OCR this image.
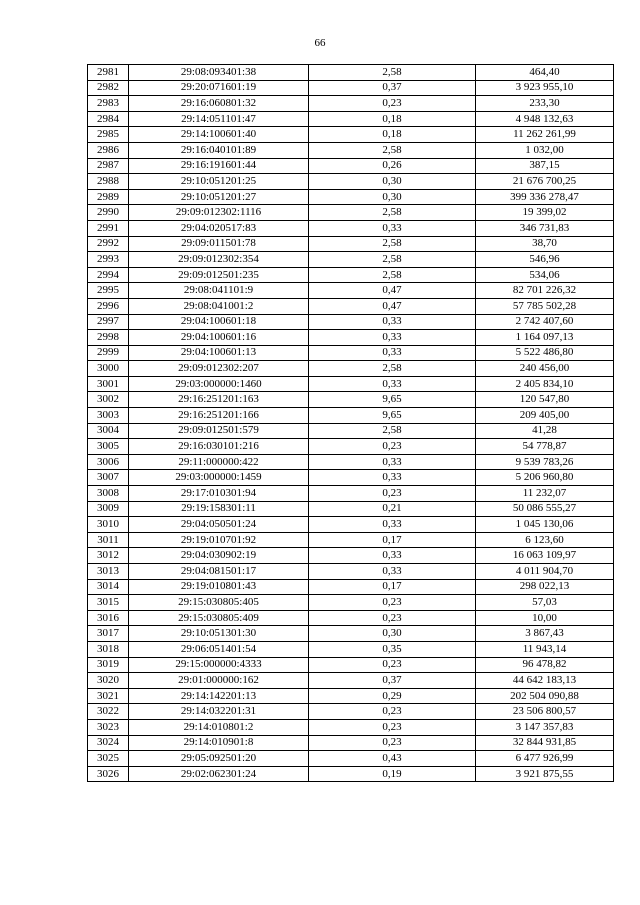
66
2981	29:08:093401:38	2,58	464,40
2982	29:20:071601:19	0,37	3 923 955,10
2983	29:16:060801:32	0,23	233,30
2984	29:14:051101:47	0,18	4 948 132,63
2985	29:14:100601:40	0,18	11 262 261,99
2986	29:16:040101:89	2,58	1 032,00
2987	29:16:191601:44	0,26	387,15
2988	29:10:051201:25	0,30	21 676 700,25
2989	29:10:051201:27	0,30	399 336 278,47
2990	29:09:012302:1116	2,58	19 399,02
2991	29:04:020517:83	0,33	346 731,83
2992	29:09:011501:78	2,58	38,70
2993	29:09:012302:354	2,58	546,96
2994	29:09:012501:235	2,58	534,06
2995	29:08:041101:9	0,47	82 701 226,32
2996	29:08:041001:2	0,47	57 785 502,28
2997	29:04:100601:18	0,33	2 742 407,60
2998	29:04:100601:16	0,33	1 164 097,13
2999	29:04:100601:13	0,33	5 522 486,80
3000	29:09:012302:207	2,58	240 456,00
3001	29:03:000000:1460	0,33	2 405 834,10
3002	29:16:251201:163	9,65	120 547,80
3003	29:16:251201:166	9,65	209 405,00
3004	29:09:012501:579	2,58	41,28
3005	29:16:030101:216	0,23	54 778,87
3006	29:11:000000:422	0,33	9 539 783,26
3007	29:03:000000:1459	0,33	5 206 960,80
3008	29:17:010301:94	0,23	11 232,07
3009	29:19:158301:11	0,21	50 086 555,27
3010	29:04:050501:24	0,33	1 045 130,06
3011	29:19:010701:92	0,17	6 123,60
3012	29:04:030902:19	0,33	16 063 109,97
3013	29:04:081501:17	0,33	4 011 904,70
3014	29:19:010801:43	0,17	298 022,13
3015	29:15:030805:405	0,23	57,03
3016	29:15:030805:409	0,23	10,00
3017	29:10:051301:30	0,30	3 867,43
3018	29:06:051401:54	0,35	11 943,14
3019	29:15:000000:4333	0,23	96 478,82
3020	29:01:000000:162	0,37	44 642 183,13
3021	29:14:142201:13	0,29	202 504 090,88
3022	29:14:032201:31	0,23	23 506 800,57
3023	29:14:010801:2	0,23	3 147 357,83
3024	29:14:010901:8	0,23	32 844 931,85
3025	29:05:092501:20	0,43	6 477 926,99
3026	29:02:062301:24	0,19	3 921 875,55
